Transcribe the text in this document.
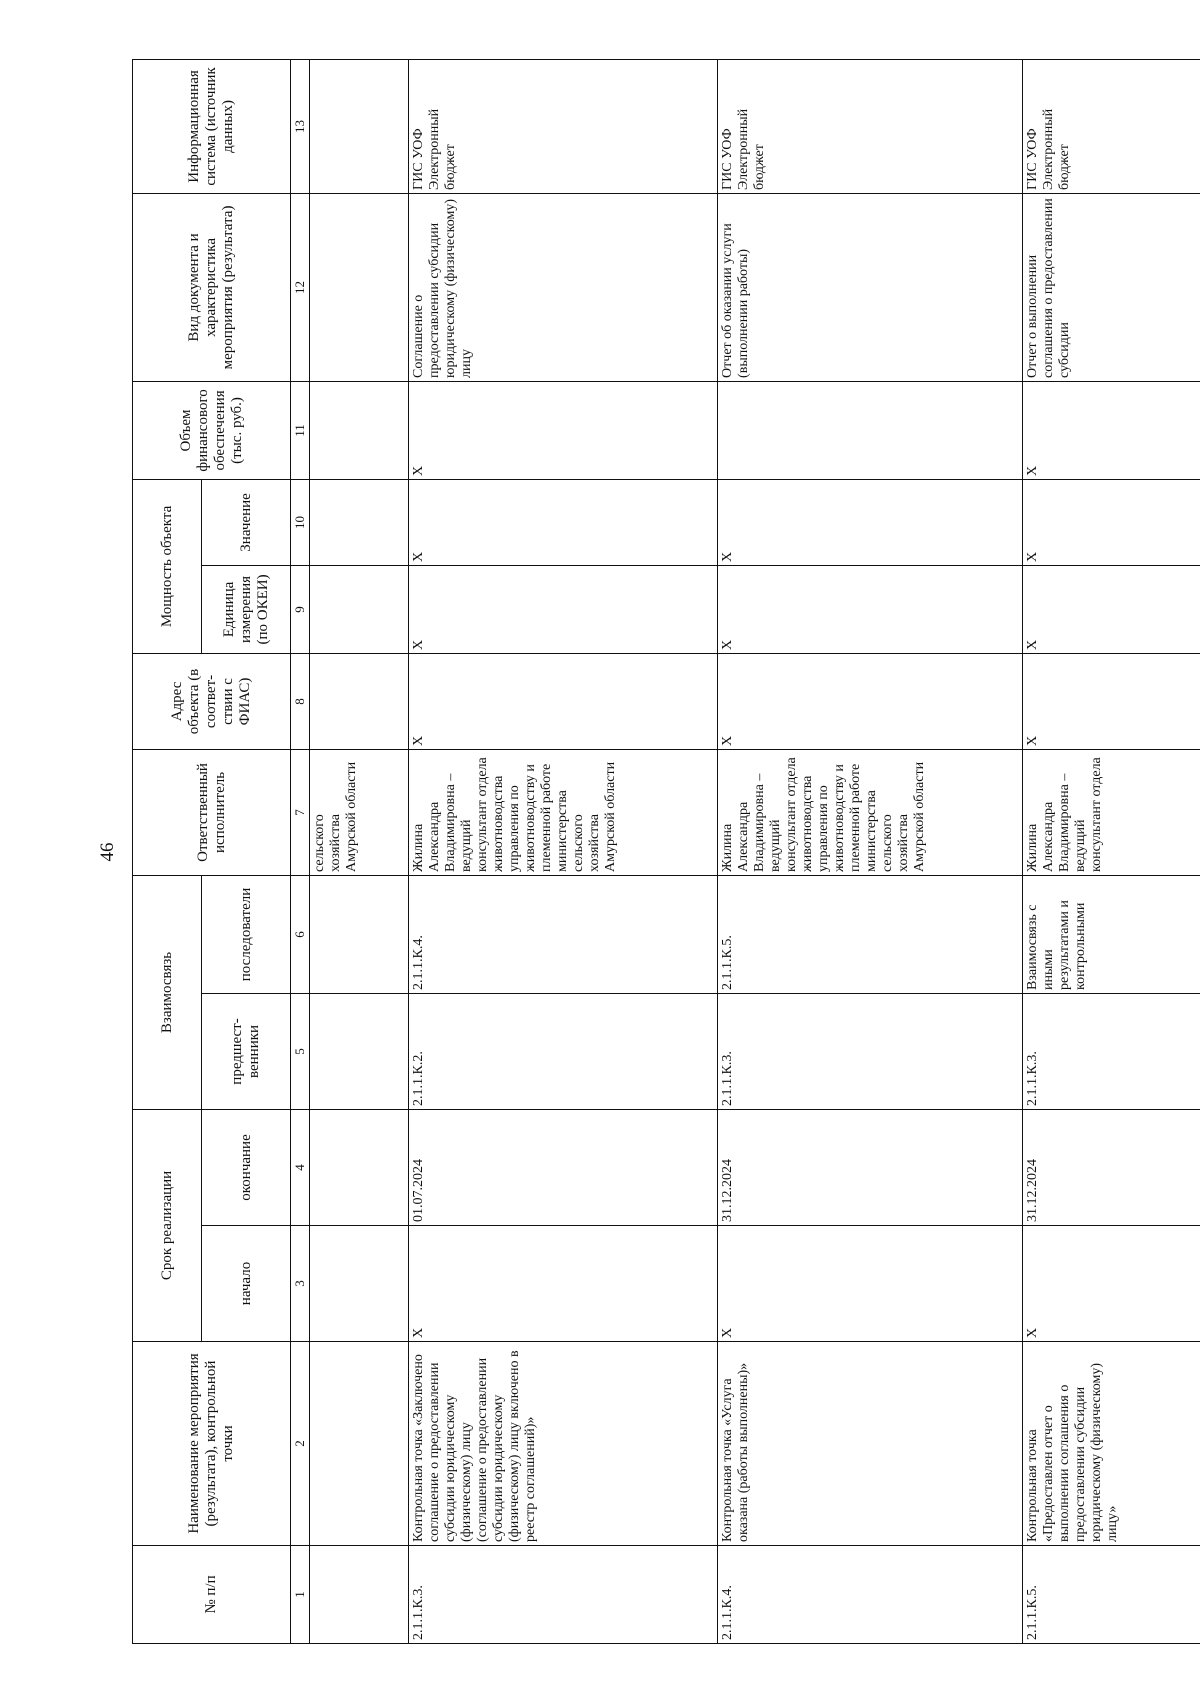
46
№ п/п	Наименование мероприятия (результата), контрольной точки	Срок реализации		Взаимосвязь		Ответственный исполнитель	Адрес объекта (в соответ-ствии с ФИАС)	Мощность объекта		Объем финансового обеспечения (тыс. руб.)	Вид документа и характеристика мероприятия (результата)	Информационная система (источник данных)
		начало	окончание	предшест-венники	последователи			Единица измерения (по ОКЕИ)	Значение			
1	2	3	4	5	6	7	8	9	10	11	12	13
						сельского хозяйства Амурской области						
2.1.1.К.3.	Контрольная точка «Заключено соглашение о предоставлении субсидии юридическому (физическому) лицу (соглашение о предоставлении субсидии юридическому (физическому) лицу включено в реестр соглашений)»	Х	01.07.2024	2.1.1.К.2.	2.1.1.К.4.	Жилина Александра Владимировна – ведущий консультант отдела животноводства управления по животноводству и племенной работе министерства сельского хозяйства Амурской области	Х	Х	Х	Х	Соглашение о предоставлении субсидии юридическому (физическому) лицу	ГИС УОФ Электронный бюджет
2.1.1.К.4.	Контрольная точка «Услуга оказана (работы выполнены)»	Х	31.12.2024	2.1.1.К.3.	2.1.1.К.5.	Жилина Александра Владимировна – ведущий консультант отдела животноводства управления по животноводству и племенной работе министерства сельского хозяйства Амурской области	Х	Х	Х		Отчет об оказании услуги (выполнении работы)	ГИС УОФ Электронный бюджет
2.1.1.К.5.	Контрольная точка «Предоставлен отчет о выполнении соглашения о предоставлении субсидии юридическому (физическому) лицу»	Х	31.12.2024	2.1.1.К.3.	Взаимосвязь с иными результатами и контрольными	Жилина Александра Владимировна – ведущий консультант отдела	Х	Х	Х	Х	Отчет о выполнении соглашения о предоставлении субсидии	ГИС УОФ Электронный бюджет
